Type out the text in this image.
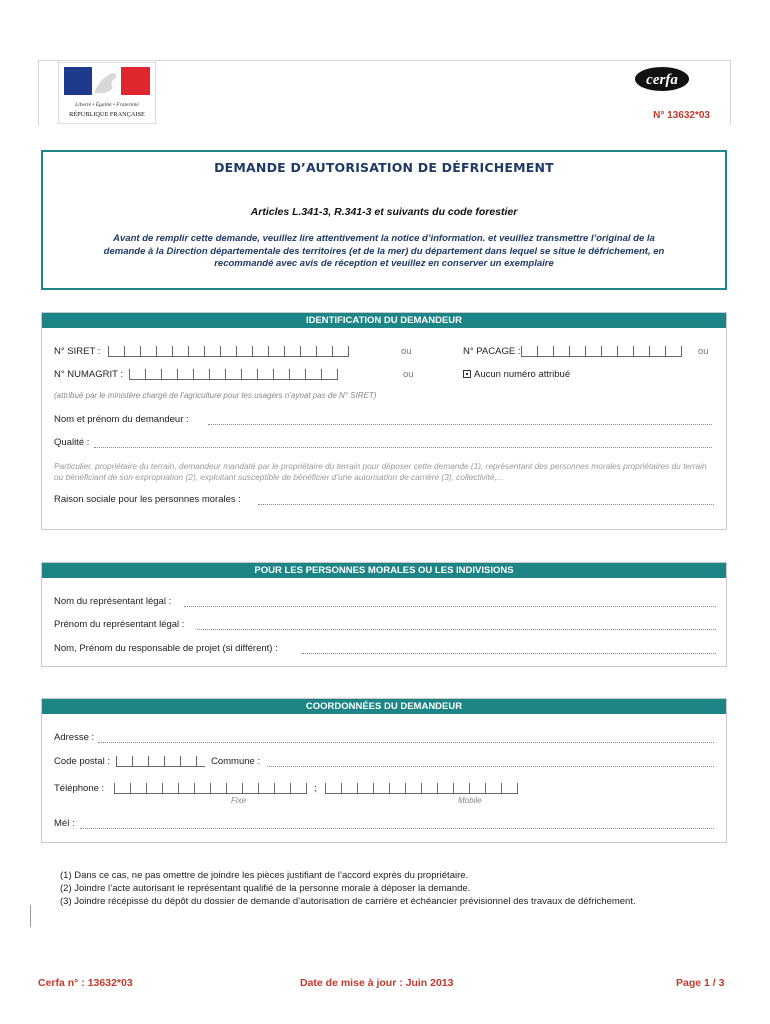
Liberté • Égalité • Fraternité
RÉPUBLIQUE FRANÇAISE
cerfa
N° 13632*03
DEMANDE D’AUTORISATION DE DÉFRICHEMENT
Articles L.341-3, R.341-3 et suivants du code forestier
Avant de remplir cette demande, veuillez lire attentivement la notice d’information. et veuillez transmettre l’original de la
demande à la Direction départementale des territoires (et de la mer) du département dans lequel se situe le défrichement, en
recommandé avec avis de réception et veuillez en conserver un exemplaire
IDENTIFICATION DU DEMANDEUR
N° SIRET :	ou	N° PACAGE :	ou
N° NUMAGRIT :	ou	Aucun numéro attribué
(attribué par le ministère chargé de l’agriculture pour les usagers n’aynat pas de N° SIRET)
Nom et prénom du demandeur :
Qualité :
Particulier, propriétaire du terrain, demandeur mandaté par le propriétaire du terrain pour déposer cette demande (1), représentant des personnes morales propriétaires du terrain ou bénéficiant de son expropriation (2), exploitant susceptible de bénéficier d’une autorisation de carrière (3), collectivité,...
Raison sociale pour les personnes morales :
POUR LES PERSONNES MORALES OU LES INDIVISIONS
Nom du représentant légal :
Prénom du représentant légal :
Nom, Prénom du responsable de projet (si différent) :
COORDONNÉES DU DEMANDEUR
Adresse :
Code postal :	Commune :
Téléphone :	;
Fixe	Mobile
Mél :
(1) Dans ce cas, ne pas omettre de joindre les pièces justifiant de l’accord exprès du propriétaire.
(2) Joindre l’acte autorisant le représentant qualifié de la personne morale à déposer la demande.
(3) Joindre récépissé du dépôt du dossier de demande d’autorisation de carrière et échéancier prévisionnel des travaux de défrichement.
Cerfa n° : 13632*03	Date de mise à jour : Juin 2013	Page 1 / 3
